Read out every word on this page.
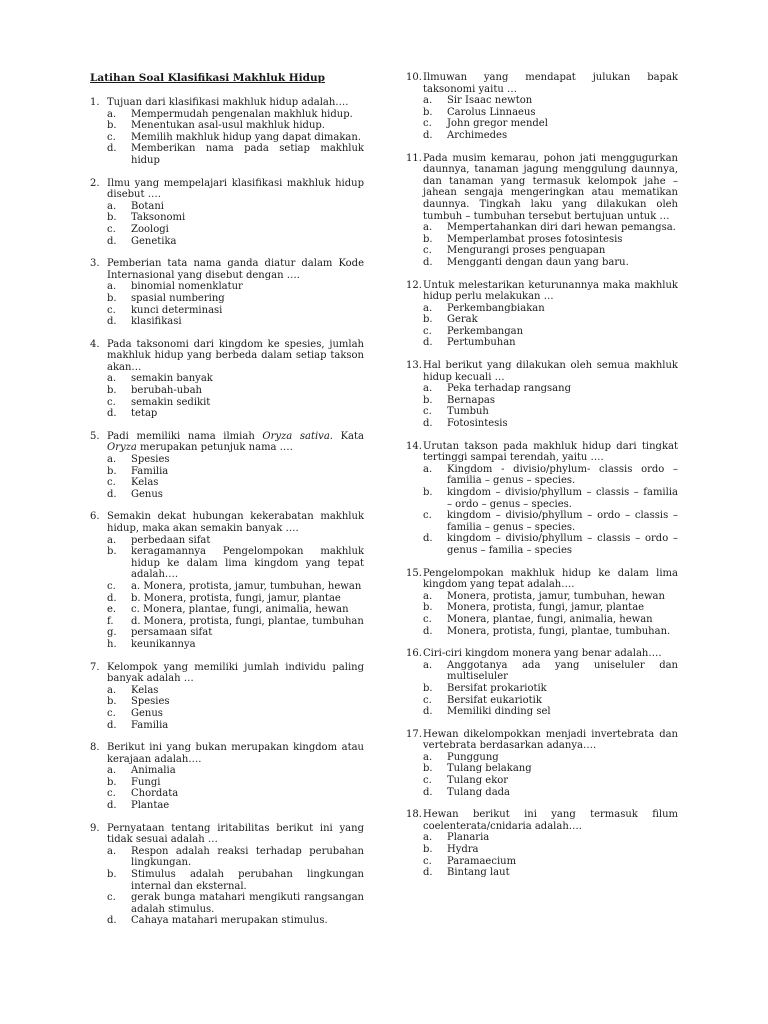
Latihan Soal Klasifikasi Makhluk Hidup
1. Tujuan dari klasifikasi makhluk hidup adalah….
a.	Mempermudah pengenalan makhluk hidup.
b.	Menentukan asal-usul makhluk hidup.
c.	Memilih makhluk hidup yang dapat dimakan.
d.	Memberikan nama pada setiap makhluk hidup
2. Ilmu yang mempelajari klasifikasi makhluk hidup disebut ….
a.	Botani
b.	Taksonomi
c.	Zoologi
d.	Genetika
3. Pemberian tata nama ganda diatur dalam Kode Internasional yang disebut dengan ….
a.	binomial nomenklatur
b.	spasial numbering
c.	kunci determinasi
d.	klasifikasi
4. Pada taksonomi dari kingdom ke spesies, jumlah makhluk hidup yang berbeda dalam setiap takson akan…
a.	semakin banyak
b.	berubah-ubah
c.	semakin sedikit
d.	tetap
5. Padi memiliki nama ilmiah Oryza sativa. Kata Oryza merupakan petunjuk nama ….
a.	Spesies
b.	Familia
c.	Kelas
d.	Genus
6. Semakin dekat hubungan kekerabatan makhluk hidup, maka akan semakin banyak ….
a.	perbedaan sifat
b.	keragamannya Pengelompokan makhluk hidup ke dalam lima kingdom yang tepat adalah….
c.	a. Monera, protista, jamur, tumbuhan, hewan
d.	b. Monera, protista, fungi, jamur, plantae
e.	c. Monera, plantae, fungi, animalia, hewan
f.	d. Monera, protista, fungi, plantae, tumbuhan
g.	persamaan sifat
h.	keunikannya
7. Kelompok yang memiliki jumlah individu paling banyak adalah …
a.	Kelas
b.	Spesies
c.	Genus
d.	Familia
8. Berikut ini yang bukan merupakan kingdom atau kerajaan adalah….
a.	Animalia
b.	Fungi
c.	Chordata
d.	Plantae
9. Pernyataan tentang iritabilitas berikut ini yang tidak sesuai adalah …
a.	Respon adalah reaksi terhadap perubahan lingkungan.
b.	Stimulus adalah perubahan lingkungan internal dan eksternal.
c.	gerak bunga matahari mengikuti rangsangan adalah stimulus.
d.	Cahaya matahari merupakan stimulus.
10. Ilmuwan yang mendapat julukan bapak taksonomi yaitu …
a.	Sir Isaac newton
b.	Carolus Linnaeus
c.	John gregor mendel
d.	Archimedes
11. Pada musim kemarau, pohon jati menggugurkan daunnya, tanaman jagung menggulung daunnya, dan tanaman yang termasuk kelompok jahe – jahean sengaja mengeringkan atau mematikan daunnya. Tingkah laku yang dilakukan oleh tumbuh – tumbuhan tersebut bertujuan untuk …
a.	Mempertahankan diri dari hewan pemangsa.
b.	Memperlambat proses fotosintesis
c.	Mengurangi proses penguapan
d.	Mengganti dengan daun yang baru.
12. Untuk melestarikan keturunannya maka makhluk hidup perlu melakukan …
a.	Perkembangbiakan
b.	Gerak
c.	Perkembangan
d.	Pertumbuhan
13. Hal berikut yang dilakukan oleh semua makhluk hidup kecuali …
a.	Peka terhadap rangsang
b.	Bernapas
c.	Tumbuh
d.	Fotosintesis
14. Urutan takson pada makhluk hidup dari tingkat tertinggi sampai terendah, yaitu ….
a.	Kingdom - divisio/phylum- classis ordo – familia – genus – species.
b.	kingdom – divisio/phyllum – classis – familia – ordo – genus – species.
c.	kingdom – divisio/phyllum – ordo – classis – familia – genus – species.
d.	kingdom – divisio/phyllum – classis – ordo – genus – familia – species
15. Pengelompokan makhluk hidup ke dalam lima kingdom yang tepat adalah….
a.	Monera, protista, jamur, tumbuhan, hewan
b.	Monera, protista, fungi, jamur, plantae
c.	Monera, plantae, fungi, animalia, hewan
d.	Monera, protista, fungi, plantae, tumbuhan.
16. Ciri-ciri kingdom monera yang benar adalah….
a.	Anggotanya ada yang uniseluler dan multiseluler
b.	Bersifat prokariotik
c.	Bersifat eukariotik
d.	Memiliki dinding sel
17. Hewan dikelompokkan menjadi invertebrata dan vertebrata berdasarkan adanya….
a.	Punggung
b.	Tulang belakang
c.	Tulang ekor
d.	Tulang dada
18. Hewan berikut ini yang termasuk filum coelenterata/cnidaria adalah….
a.	Planaria
b.	Hydra
c.	Paramaecium
d.	Bintang laut
